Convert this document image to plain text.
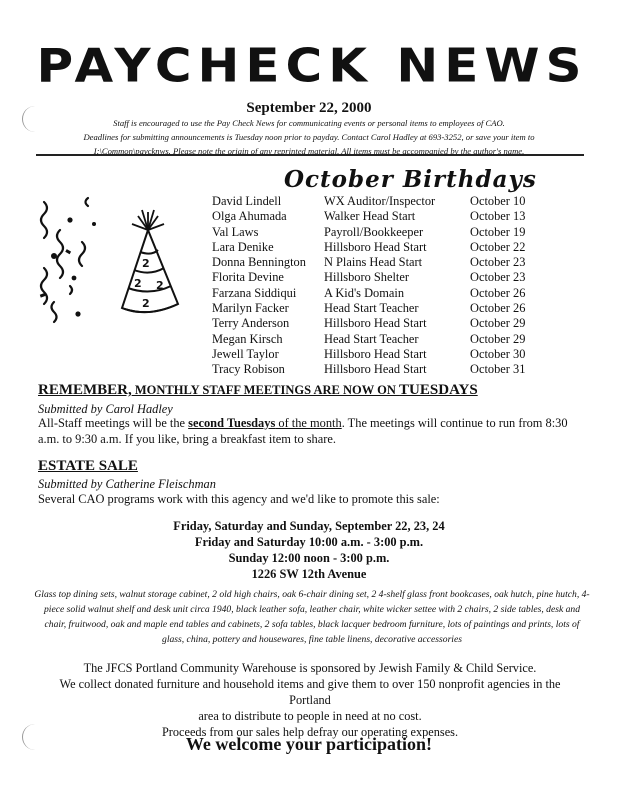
PAYCHECK NEWS
September 22, 2000
Staff is encouraged to use the Pay Check News for communicating events or personal items to employees of CAO.
Deadlines for submitting announcements is Tuesday noon prior to payday. Contact Carol Hadley at 693-3252, or save your item to
I:\Common\paycknws. Please note the origin of any reprinted material. All items must be accompanied by the author's name.
2
2 2
2
October Birthdays
David Lindell	WX Auditor/Inspector	October 10
Olga Ahumada	Walker Head Start	October 13
Val Laws	Payroll/Bookkeeper	October 19
Lara Denike	Hillsboro Head Start	October 22
Donna Bennington	N Plains Head Start	October 23
Florita Devine	Hillsboro Shelter	October 23
Farzana Siddiqui	A Kid's Domain	October 26
Marilyn Facker	Head Start Teacher	October 26
Terry Anderson	Hillsboro Head Start	October 29
Megan Kirsch	Head Start Teacher	October 29
Jewell Taylor	Hillsboro Head Start	October 30
Tracy Robison	Hillsboro Head Start	October 31
REMEMBER, MONTHLY STAFF MEETINGS ARE NOW ON TUESDAYS
Submitted by Carol Hadley
All-Staff meetings will be the second Tuesdays of the month. The meetings will continue to run from 8:30 a.m. to 9:30 a.m. If you like, bring a breakfast item to share.
ESTATE SALE
Submitted by Catherine Fleischman
Several CAO programs work with this agency and we'd like to promote this sale:
Friday, Saturday and Sunday, September 22, 23, 24
Friday and Saturday 10:00 a.m. - 3:00 p.m.
Sunday 12:00 noon - 3:00 p.m.
1226 SW 12th Avenue
Glass top dining sets, walnut storage cabinet, 2 old high chairs, oak 6-chair dining set, 2 4-shelf glass front bookcases, oak hutch, pine hutch, 4-piece solid walnut shelf and desk unit circa 1940, black leather sofa, leather chair, white wicker settee with 2 chairs, 2 side tables, desk and chair, fruitwood, oak and maple end tables and cabinets, 2 sofa tables, black lacquer bedroom furniture, lots of paintings and prints, lots of glass, china, pottery and housewares, fine table linens, decorative accessories
The JFCS Portland Community Warehouse is sponsored by Jewish Family & Child Service.
We collect donated furniture and household items and give them to over 150 nonprofit agencies in the Portland
area to distribute to people in need at no cost.
Proceeds from our sales help defray our operating expenses.
We welcome your participation!
